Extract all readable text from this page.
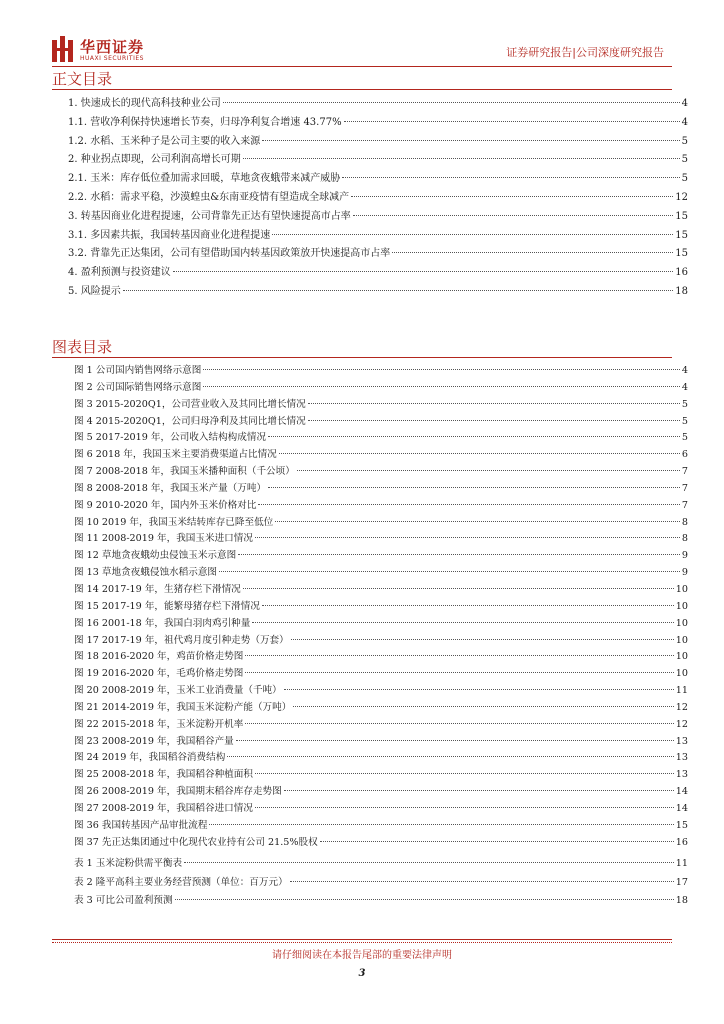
华西证券
HUAXI SECURITIES	证券研究报告|公司深度研究报告
正文目录
1. 快速成长的现代高科技种业公司	4
1.1. 营收净利保持快速增长节奏，归母净利复合增速 43.77%	4
1.2. 水稻、玉米种子是公司主要的收入来源	5
2. 种业拐点即现，公司利润高增长可期	5
2.1. 玉米：库存低位叠加需求回暖，草地贪夜蛾带来减产威胁	5
2.2. 水稻：需求平稳，沙漠蝗虫&东南亚疫情有望造成全球减产	12
3. 转基因商业化进程提速，公司背靠先正达有望快速提高市占率	15
3.1. 多因素共振，我国转基因商业化进程提速	15
3.2. 背靠先正达集团，公司有望借助国内转基因政策放开快速提高市占率	15
4. 盈利预测与投资建议	16
5. 风险提示	18
图表目录
图 1 公司国内销售网络示意图	4
图 2 公司国际销售网络示意图	4
图 3 2015-2020Q1，公司营业收入及其同比增长情况	5
图 4 2015-2020Q1，公司归母净利及其同比增长情况	5
图 5 2017-2019 年，公司收入结构构成情况	5
图 6 2018 年，我国玉米主要消费渠道占比情况	6
图 7 2008-2018 年，我国玉米播种面积（千公顷）	7
图 8 2008-2018 年，我国玉米产量（万吨）	7
图 9 2010-2020 年，国内外玉米价格对比	7
图 10 2019 年，我国玉米结转库存已降至低位	8
图 11 2008-2019 年，我国玉米进口情况	8
图 12 草地贪夜蛾幼虫侵蚀玉米示意图	9
图 13 草地贪夜蛾侵蚀水稻示意图	9
图 14 2017-19 年，生猪存栏下滑情况	10
图 15 2017-19 年，能繁母猪存栏下滑情况	10
图 16 2001-18 年，我国白羽肉鸡引种量	10
图 17 2017-19 年，祖代鸡月度引种走势（万套）	10
图 18 2016-2020 年，鸡苗价格走势图	10
图 19 2016-2020 年，毛鸡价格走势图	10
图 20 2008-2019 年，玉米工业消费量（千吨）	11
图 21 2014-2019 年，我国玉米淀粉产能（万吨）	12
图 22 2015-2018 年，玉米淀粉开机率	12
图 23 2008-2019 年，我国稻谷产量	13
图 24 2019 年，我国稻谷消费结构	13
图 25 2008-2018 年，我国稻谷种植面积	13
图 26 2008-2019 年，我国期末稻谷库存走势图	14
图 27 2008-2019 年，我国稻谷进口情况	14
图 36 我国转基因产品审批流程	15
图 37 先正达集团通过中化现代农业持有公司 21.5%股权	16
表 1 玉米淀粉供需平衡表	11
表 2 隆平高科主要业务经营预测（单位：百万元）	17
表 3 可比公司盈利预测	18
请仔细阅读在本报告尾部的重要法律声明
3
